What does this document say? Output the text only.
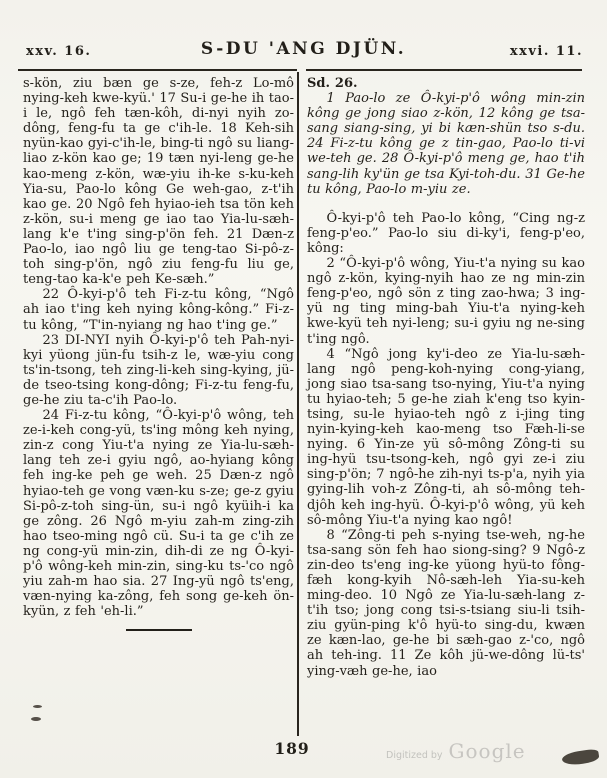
xxv. 16.	S-DU 'ANG DJÜN.	xxvi. 11.

s-kön, ziu bæn ge s-ze, feh-z Lo-mô nying-keh kwe-kyü.' 17 Su-i ge-he ih tao-i le, ngô feh tæn-kôh, di-nyi nyih zo-dông, feng-fu ta ge c'ih-le. 18 Keh-sih nyün-kao gyi-c'ih-le, bing-ti ngô su liang-liao z-kön kao ge; 19 tæn nyi-leng ge-he kao-meng z-kön, wæ-yiu ih-ke s-ku-keh Yia-su, Pao-lo kông Ge weh-gao, z-t'ih kao ge. 20 Ngô feh hyiao-ieh tsa tön keh z-kön, su-i meng ge iao tao Yia-lu-sæh-lang k'e t'ing sing-p'ön feh. 21 Dæn-z Pao-lo, iao ngô liu ge teng-tao Si-pô-z-toh sing-p'ön, ngô ziu feng-fu liu ge, teng-tao ka-k'e peh Ke-sæh.”

22 Ô-kyi-p'ô teh Fi-z-tu kông, “Ngô ah iao t'ing keh nying kông-kông.” Fi-z-tu kông, “T'in-nyiang ng hao t'ing ge.”

23 DI-NYI nyih Ô-kyi-p'ô teh Pah-nyi-kyi yüong jün-fu tsih-z le, wæ-yiu cong ts'in-tsong, teh zing-li-keh sing-kying, jü-de tseo-tsing kong-dông; Fi-z-tu feng-fu, ge-he ziu ta-c'ih Pao-lo.

24 Fi-z-tu kông, “Ô-kyi-p'ô wông, teh ze-i-keh cong-yü, ts'ing mông keh nying, zin-z cong Yiu-t'a nying ze Yia-lu-sæh-lang teh ze-i gyiu ngô, ao-hyiang kông feh ing-ke peh ge weh. 25 Dæn-z ngô hyiao-teh ge vong væn-ku s-ze; ge-z gyiu Si-pô-z-toh sing-ün, su-i ngô kyüih-i ka ge zông. 26 Ngô m-yiu zah-m zing-zih hao tseo-ming ngô cü. Su-i ta ge c'ih ze ng cong-yü min-zin, dih-di ze ng Ô-kyi-p'ô wông-keh min-zin, sing-ku ts-'co ngô yiu zah-m hao sia. 27 Ing-yü ngô ts'eng, væn-nying ka-zông, feh song ge-keh ön-kyün, z feh 'eh-li.”

Sd. 26.

1 Pao-lo ze Ô-kyi-p'ô wông min-zin kông ge jong siao z-kön, 12 kông ge tsa-sang siang-sing, yi bi kæn-shün tso s-du. 24 Fi-z-tu kông ge z tin-gao, Pao-lo ti-vi we-teh ge. 28 Ô-kyi-p'ô meng ge, hao t'ih sang-lih ky'ün ge tsa Kyi-toh-du. 31 Ge-he tu kông, Pao-lo m-yiu ze.

Ô-kyi-p'ô teh Pao-lo kông, “Cing ng-z feng-p'eo.” Pao-lo siu di-ky'i, feng-p'eo, kông:

2 “Ô-kyi-p'ô wông, Yiu-t'a nying su kao ngô z-kön, kying-nyih hao ze ng min-zin feng-p'eo, ngô sön z ting zao-hwa; 3 ing-yü ng ting ming-bah Yiu-t'a nying-keh kwe-kyü teh nyi-leng; su-i gyiu ng ne-sing t'ing ngô.

4 “Ngô jong ky'i-deo ze Yia-lu-sæh-lang ngô peng-koh-nying cong-yiang, jong siao tsa-sang tso-nying, Yiu-t'a nying tu hyiao-teh; 5 ge-he ziah k'eng tso kyin-tsing, su-le hyiao-teh ngô z i-jing ting nyin-kying-keh kao-meng tso Fæh-li-se nying. 6 Yin-ze yü sô-mông Zông-ti su ing-hyü tsu-tsong-keh, ngô gyi ze-i ziu sing-p'ön; 7 ngô-he zih-nyi ts-p'a, nyih yia gying-lih voh-z Zông-ti, ah sô-mông teh-djôh keh ing-hyü. Ô-kyi-p'ô wông, yü keh sô-mông Yiu-t'a nying kao ngô!

8 “Zông-ti peh s-nying tse-weh, ng-he tsa-sang sön feh hao siong-sing? 9 Ngô-z zin-deo ts'eng ing-ke yüong hyü-to fông-fæh kong-kyih Nô-sæh-leh Yia-su-keh ming-deo. 10 Ngô ze Yia-lu-sæh-lang z-t'ih tso; jong cong tsi-s-tsiang siu-li tsih-ziu gyün-ping k'ô hyü-to sing-du, kwæn ze kæn-lao, ge-he bi sæh-gao z-'co, ngô ah teh-ing. 11 Ze kôh jü-we-dông lü-ts' ying-væh ge-he, iao

189	Digitized by Google
